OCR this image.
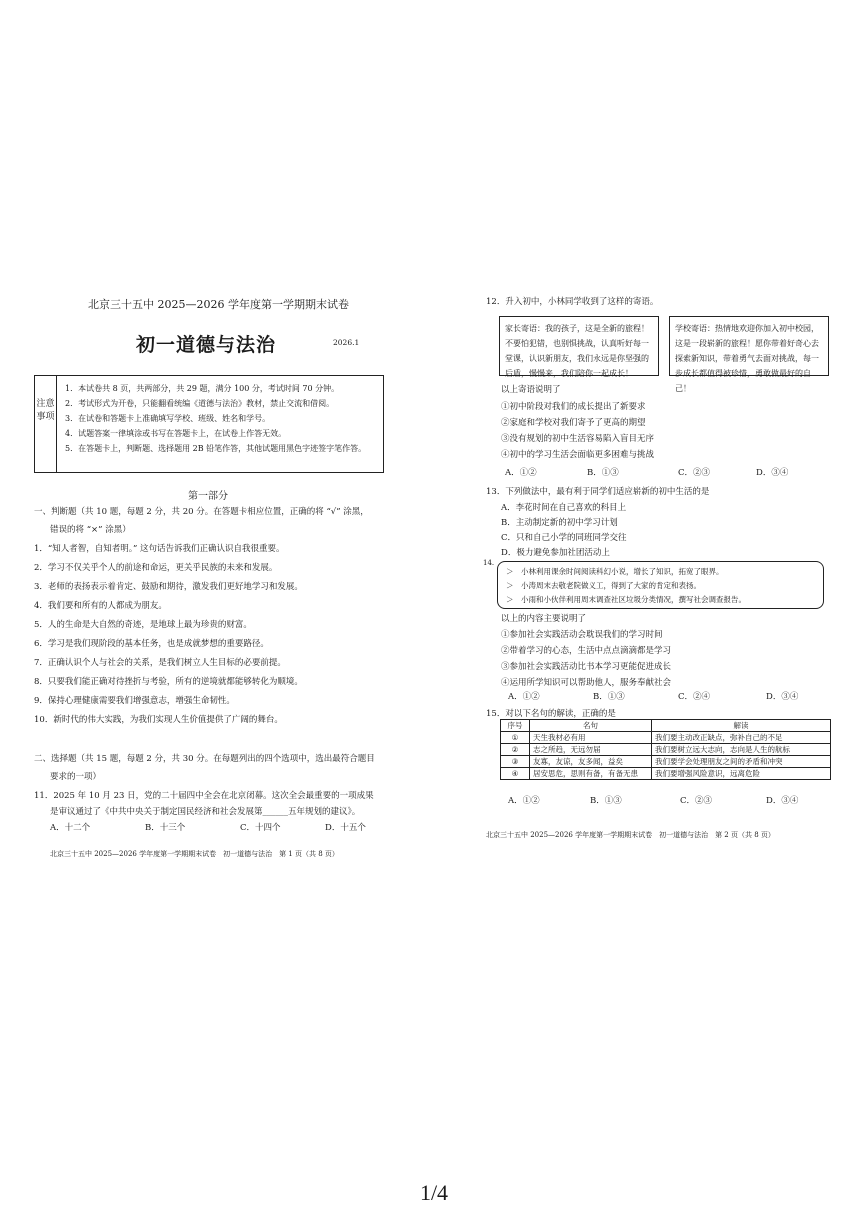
北京三十五中 2025—2026 学年度第一学期期末试卷
初一道德与法治	2026.1
注意事项
1．本试卷共 8 页，共两部分，共 29 题，满分 100 分，考试时间 70 分钟。
2．考试形式为开卷，只能翻看统编《道德与法治》教材，禁止交流和借阅。
3．在试卷和答题卡上准确填写学校、班级、姓名和学号。
4．试题答案一律填涂或书写在答题卡上，在试卷上作答无效。
5．在答题卡上，判断题、选择题用 2B 铅笔作答，其他试题用黑色字迹签字笔作答。
第一部分
一、判断题（共 10 题，每题 2 分，共 20 分。在答题卡相应位置，正确的将 “√” 涂黑，
错误的将 “×” 涂黑）
1．“知人者智，自知者明。” 这句话告诉我们正确认识自我很重要。
2．学习不仅关乎个人的前途和命运，更关乎民族的未来和发展。
3．老师的表扬表示着肯定、鼓励和期待，激发我们更好地学习和发展。
4．我们要和所有的人都成为朋友。
5．人的生命是大自然的奇迹，是地球上最为珍贵的财富。
6．学习是我们现阶段的基本任务，也是成就梦想的重要路径。
7．正确认识个人与社会的关系，是我们树立人生目标的必要前提。
8．只要我们能正确对待挫折与考验，所有的逆境就都能够转化为顺境。
9．保持心理健康需要我们增强意志，增强生命韧性。
10．新时代的伟大实践，为我们实现人生价值提供了广阔的舞台。
二、选择题（共 15 题，每题 2 分，共 30 分。在每题列出的四个选项中，选出最符合题目
要求的一项）
11．2025 年 10 月 23 日，党的二十届四中全会在北京闭幕。这次全会最重要的一项成果
是审议通过了《中共中央关于制定国民经济和社会发展第______五年规划的建议》。
A．十二个	B．十三个	C．十四个	D．十五个
北京三十五中 2025—2026 学年度第一学期期末试卷　初一道德与法治　第 1 页（共 8 页）
12．升入初中，小林同学收到了这样的寄语。
家长寄语：我的孩子，这是全新的旅程！不要怕犯错，也别惧挑战，认真听好每一堂课，认识新朋友，我们永远是你坚强的后盾，慢慢来，我们陪你一起成长！
学校寄语：热情地欢迎你加入初中校园，这是一段崭新的旅程！愿你带着好奇心去探索新知识，带着勇气去面对挑战，每一步成长都值得被珍惜，勇敢做最好的自己！
以上寄语说明了
①初中阶段对我们的成长提出了新要求
②家庭和学校对我们寄予了更高的期望
③没有规划的初中生活容易陷入盲目无序
④初中的学习生活会面临更多困难与挑战
A．①②	B．①③	C．②③	D．③④
13．下列做法中，最有利于同学们适应崭新的初中生活的是
A．李花时间在自己喜欢的科目上
B．主动制定新的初中学习计划
C．只和自己小学的同班同学交往
D．极力避免参加社团活动上
14.
＞　小林利用课余时间阅读科幻小说，增长了知识，拓宽了眼界。
＞　小涛周末去敬老院做义工，得到了大家的肯定和表扬。
＞　小雨和小伙伴利用周末调查社区垃圾分类情况，撰写社会调查报告。
以上的内容主要说明了
①参加社会实践活动会耽误我们的学习时间
②带着学习的心态，生活中点点滴滴都是学习
③参加社会实践活动比书本学习更能促进成长
④运用所学知识可以帮助他人，服务奉献社会
A．①②	B．①③	C．②④	D．③④
15．对以下名句的解读，正确的是
序号	名句	解读
①	天生我材必有用	我们要主动改正缺点，弥补自己的不足
②	志之所趋，无远勿届	我们要树立远大志向，志向是人生的航标
③	友寡，友谅，友多闻，益矣	我们要学会处理朋友之间的矛盾和冲突
④	居安思危，思则有备，有备无患	我们要增强风险意识，远离危险
A．①②	B．①③	C．②③	D．③④
北京三十五中 2025—2026 学年度第一学期期末试卷　初一道德与法治　第 2 页（共 8 页）
1/4
